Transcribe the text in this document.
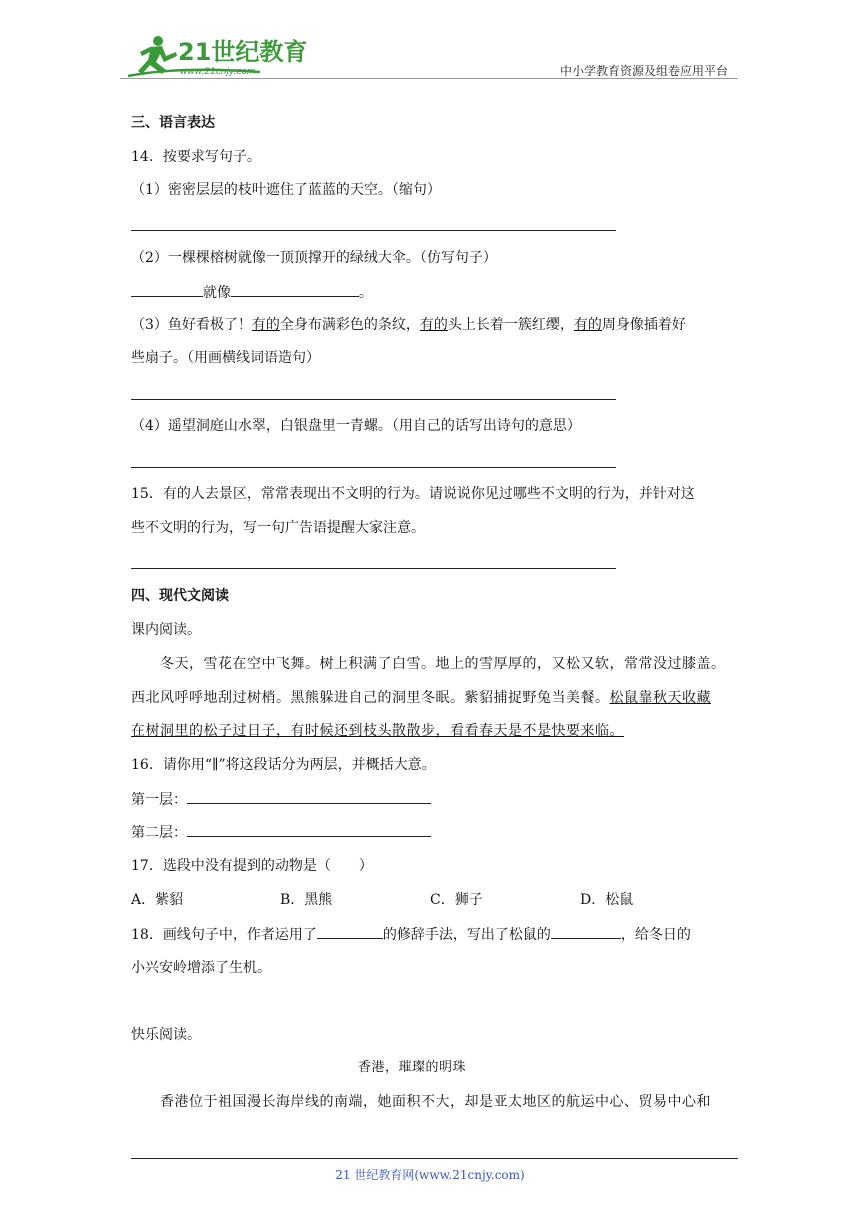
21世纪教育
www.21cnjy.com	中小学教育资源及组卷应用平台
三、语言表达
14．按要求写句子。
（1）密密层层的枝叶遮住了蓝蓝的天空。（缩句）
（2）一棵棵榕树就像一顶顶撑开的绿绒大伞。（仿写句子）
就像	。
（3）鱼好看极了！有的全身布满彩色的条纹，有的头上长着一簇红缨，有的周身像插着好
些扇子。（用画横线词语造句）
（4）遥望洞庭山水翠，白银盘里一青螺。（用自己的话写出诗句的意思）
15．有的人去景区，常常表现出不文明的行为。请说说你见过哪些不文明的行为，并针对这
些不文明的行为，写一句广告语提醒大家注意。
四、现代文阅读
课内阅读。
冬天，雪花在空中飞舞。树上积满了白雪。地上的雪厚厚的，又松又软，常常没过膝盖。
西北风呼呼地刮过树梢。黑熊躲进自己的洞里冬眠。紫貂捕捉野兔当美餐。松鼠靠秋天收藏
在树洞里的松子过日子，有时候还到枝头散散步，看看春天是不是快要来临。
16．请你用“∥”将这段话分为两层，并概括大意。
第一层：
第二层：
17．选段中没有提到的动物是（　　）
A．紫貂	B．黑熊	C．狮子	D．松鼠
18．画线句子中，作者运用了	的修辞手法，写出了松鼠的	，给冬日的
小兴安岭增添了生机。
快乐阅读。
香港，璀璨的明珠
香港位于祖国漫长海岸线的南端，她面积不大，却是亚太地区的航运中心、贸易中心和
21 世纪教育网(www.21cnjy.com)
